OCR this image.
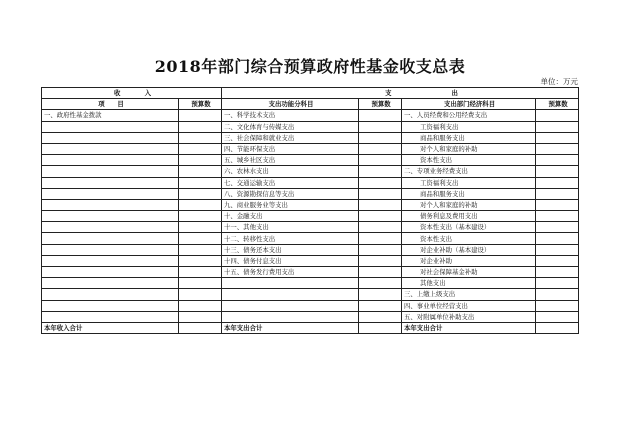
2018年部门综合预算政府性基金收支总表
单位：万元
收 入		支		出	
项　　目	预算数	支出功能分科目	预算数	支出部门经济科目	预算数
一、政府性基金拨款		一、科学技术支出		一、人员经费和公用经费支出	
		二、文化体育与传媒支出		工资福利支出	
		三、社会保障和就业支出		商品和服务支出	
		四、节能环保支出		对个人和家庭的补助	
		五、城乡社区支出		资本性支出	
		六、农林水支出		二、专项业务经费支出	
		七、交通运输支出		工资福利支出	
		八、资源勘探信息等支出		商品和服务支出	
		九、商业服务业等支出		对个人和家庭的补助	
		十、金融支出		债务利息及费用支出	
		十一、其他支出		资本性支出（基本建设）	
		十二、转移性支出		资本性支出	
		十三、债务还本支出		对企业补助（基本建设）	
		十四、债务付息支出		对企业补助	
		十五、债务发行费用支出		对社会保障基金补助	
				其他支出	
				三、上缴上级支出	
				四、事业单位经营支出	
				五、对附属单位补助支出	
本年收入合计		本年支出合计		本年支出合计	
